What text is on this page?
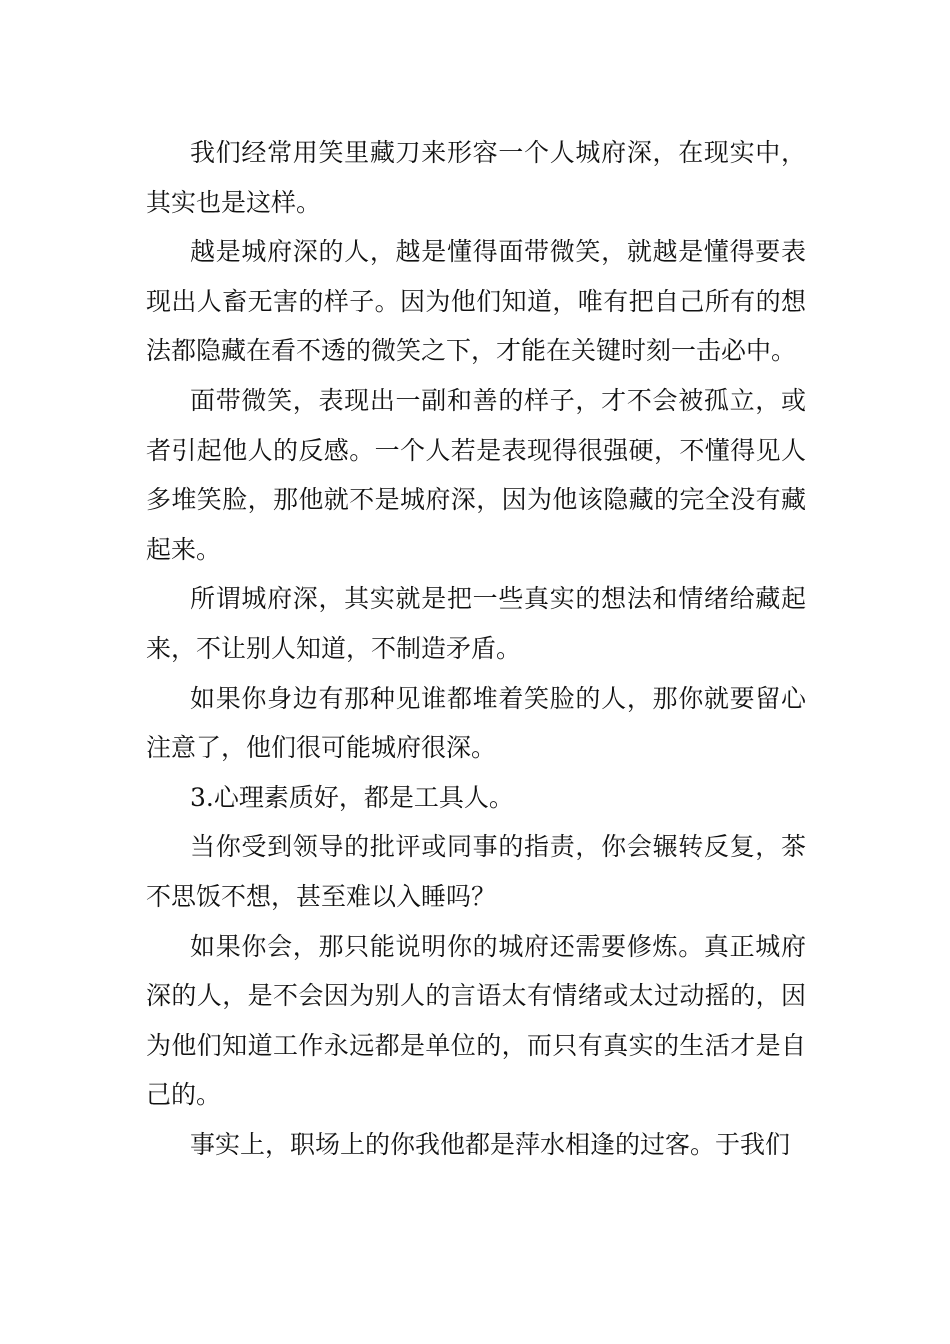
我们经常用笑里藏刀来形容一个人城府深，在现实中，其实也是这样。

越是城府深的人，越是懂得面带微笑，就越是懂得要表现出人畜无害的样子。因为他们知道，唯有把自己所有的想法都隐藏在看不透的微笑之下，才能在关键时刻一击必中。

面带微笑，表现出一副和善的样子，才不会被孤立，或者引起他人的反感。一个人若是表现得很强硬，不懂得见人多堆笑脸，那他就不是城府深，因为他该隐藏的完全没有藏起来。

所谓城府深，其实就是把一些真实的想法和情绪给藏起来，不让别人知道，不制造矛盾。

如果你身边有那种见谁都堆着笑脸的人，那你就要留心注意了，他们很可能城府很深。

3.心理素质好，都是工具人。

当你受到领导的批评或同事的指责，你会辗转反复，茶不思饭不想，甚至难以入睡吗？

如果你会，那只能说明你的城府还需要修炼。真正城府深的人，是不会因为别人的言语太有情绪或太过动摇的，因为他们知道工作永远都是单位的，而只有真实的生活才是自己的。

事实上，职场上的你我他都是萍水相逢的过客。于我们
